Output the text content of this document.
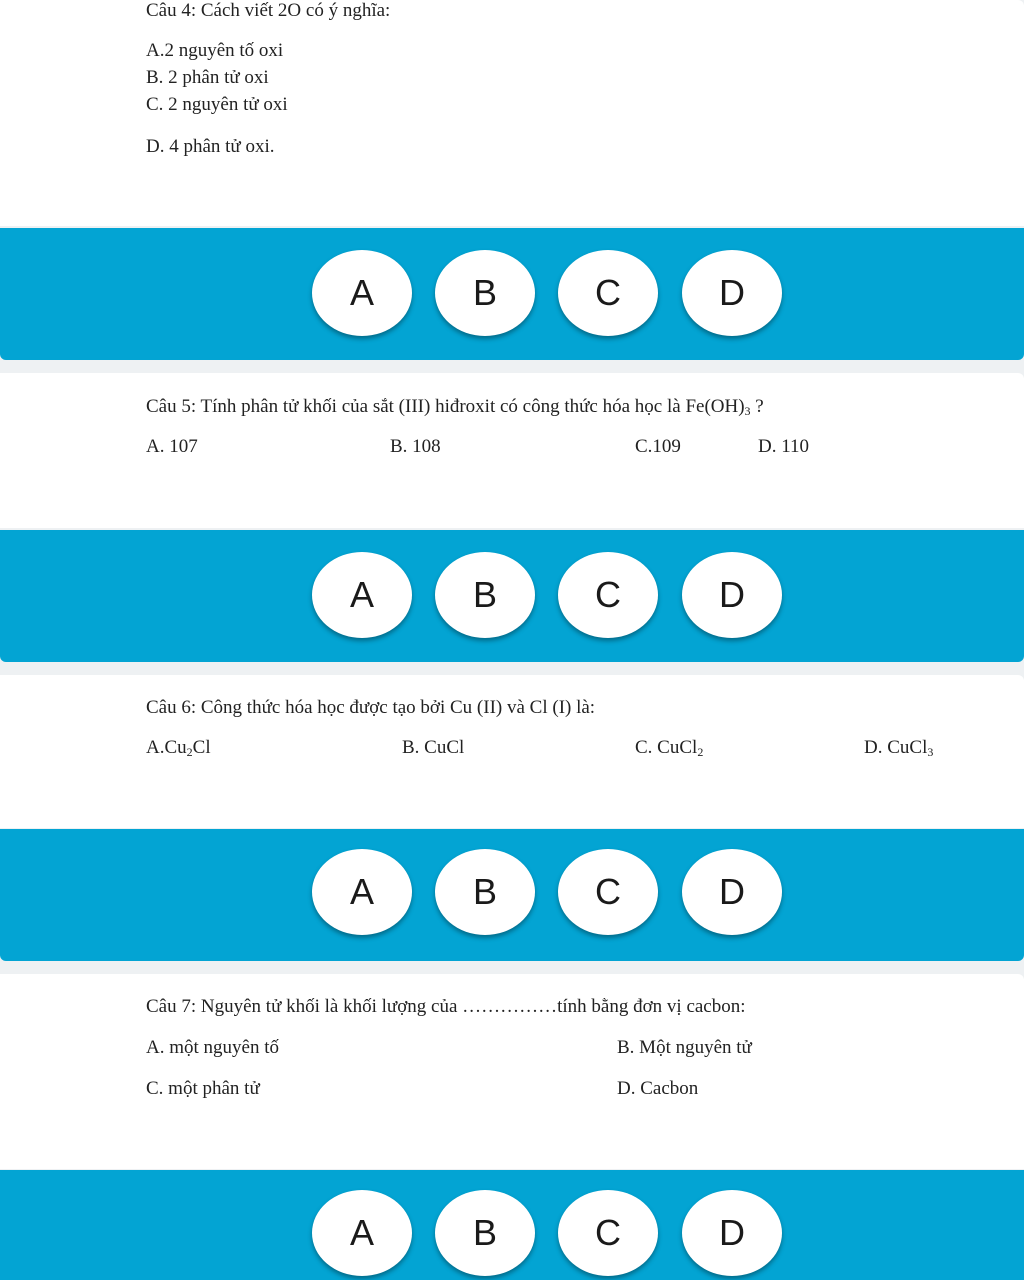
Câu 4: Cách viết 2O có ý nghĩa:
A.2 nguyên tố oxi
B. 2 phân tử oxi
C. 2 nguyên tử oxi
D. 4 phân tử oxi.
A	B	C	D
Câu 5: Tính phân tử khối của sắt (III) hiđroxit có công thức hóa học là $Fe(OH)_3$ ?
A. 107	B. 108	C.109	D. 110
A	B	C	D
Câu 6: Công thức hóa học được tạo bởi Cu (II) và Cl (I) là:
$A.Cu_2Cl$	B. CuCl	C. CuCl$_2$	D. CuCl$_3$
A	B	C	D
Câu 7: Nguyên tử khối là khối lượng của ……………tính bằng đơn vị cacbon:
A. một nguyên tố	B. Một nguyên tử
C. một phân tử	D. Cacbon
A	B	C	D
